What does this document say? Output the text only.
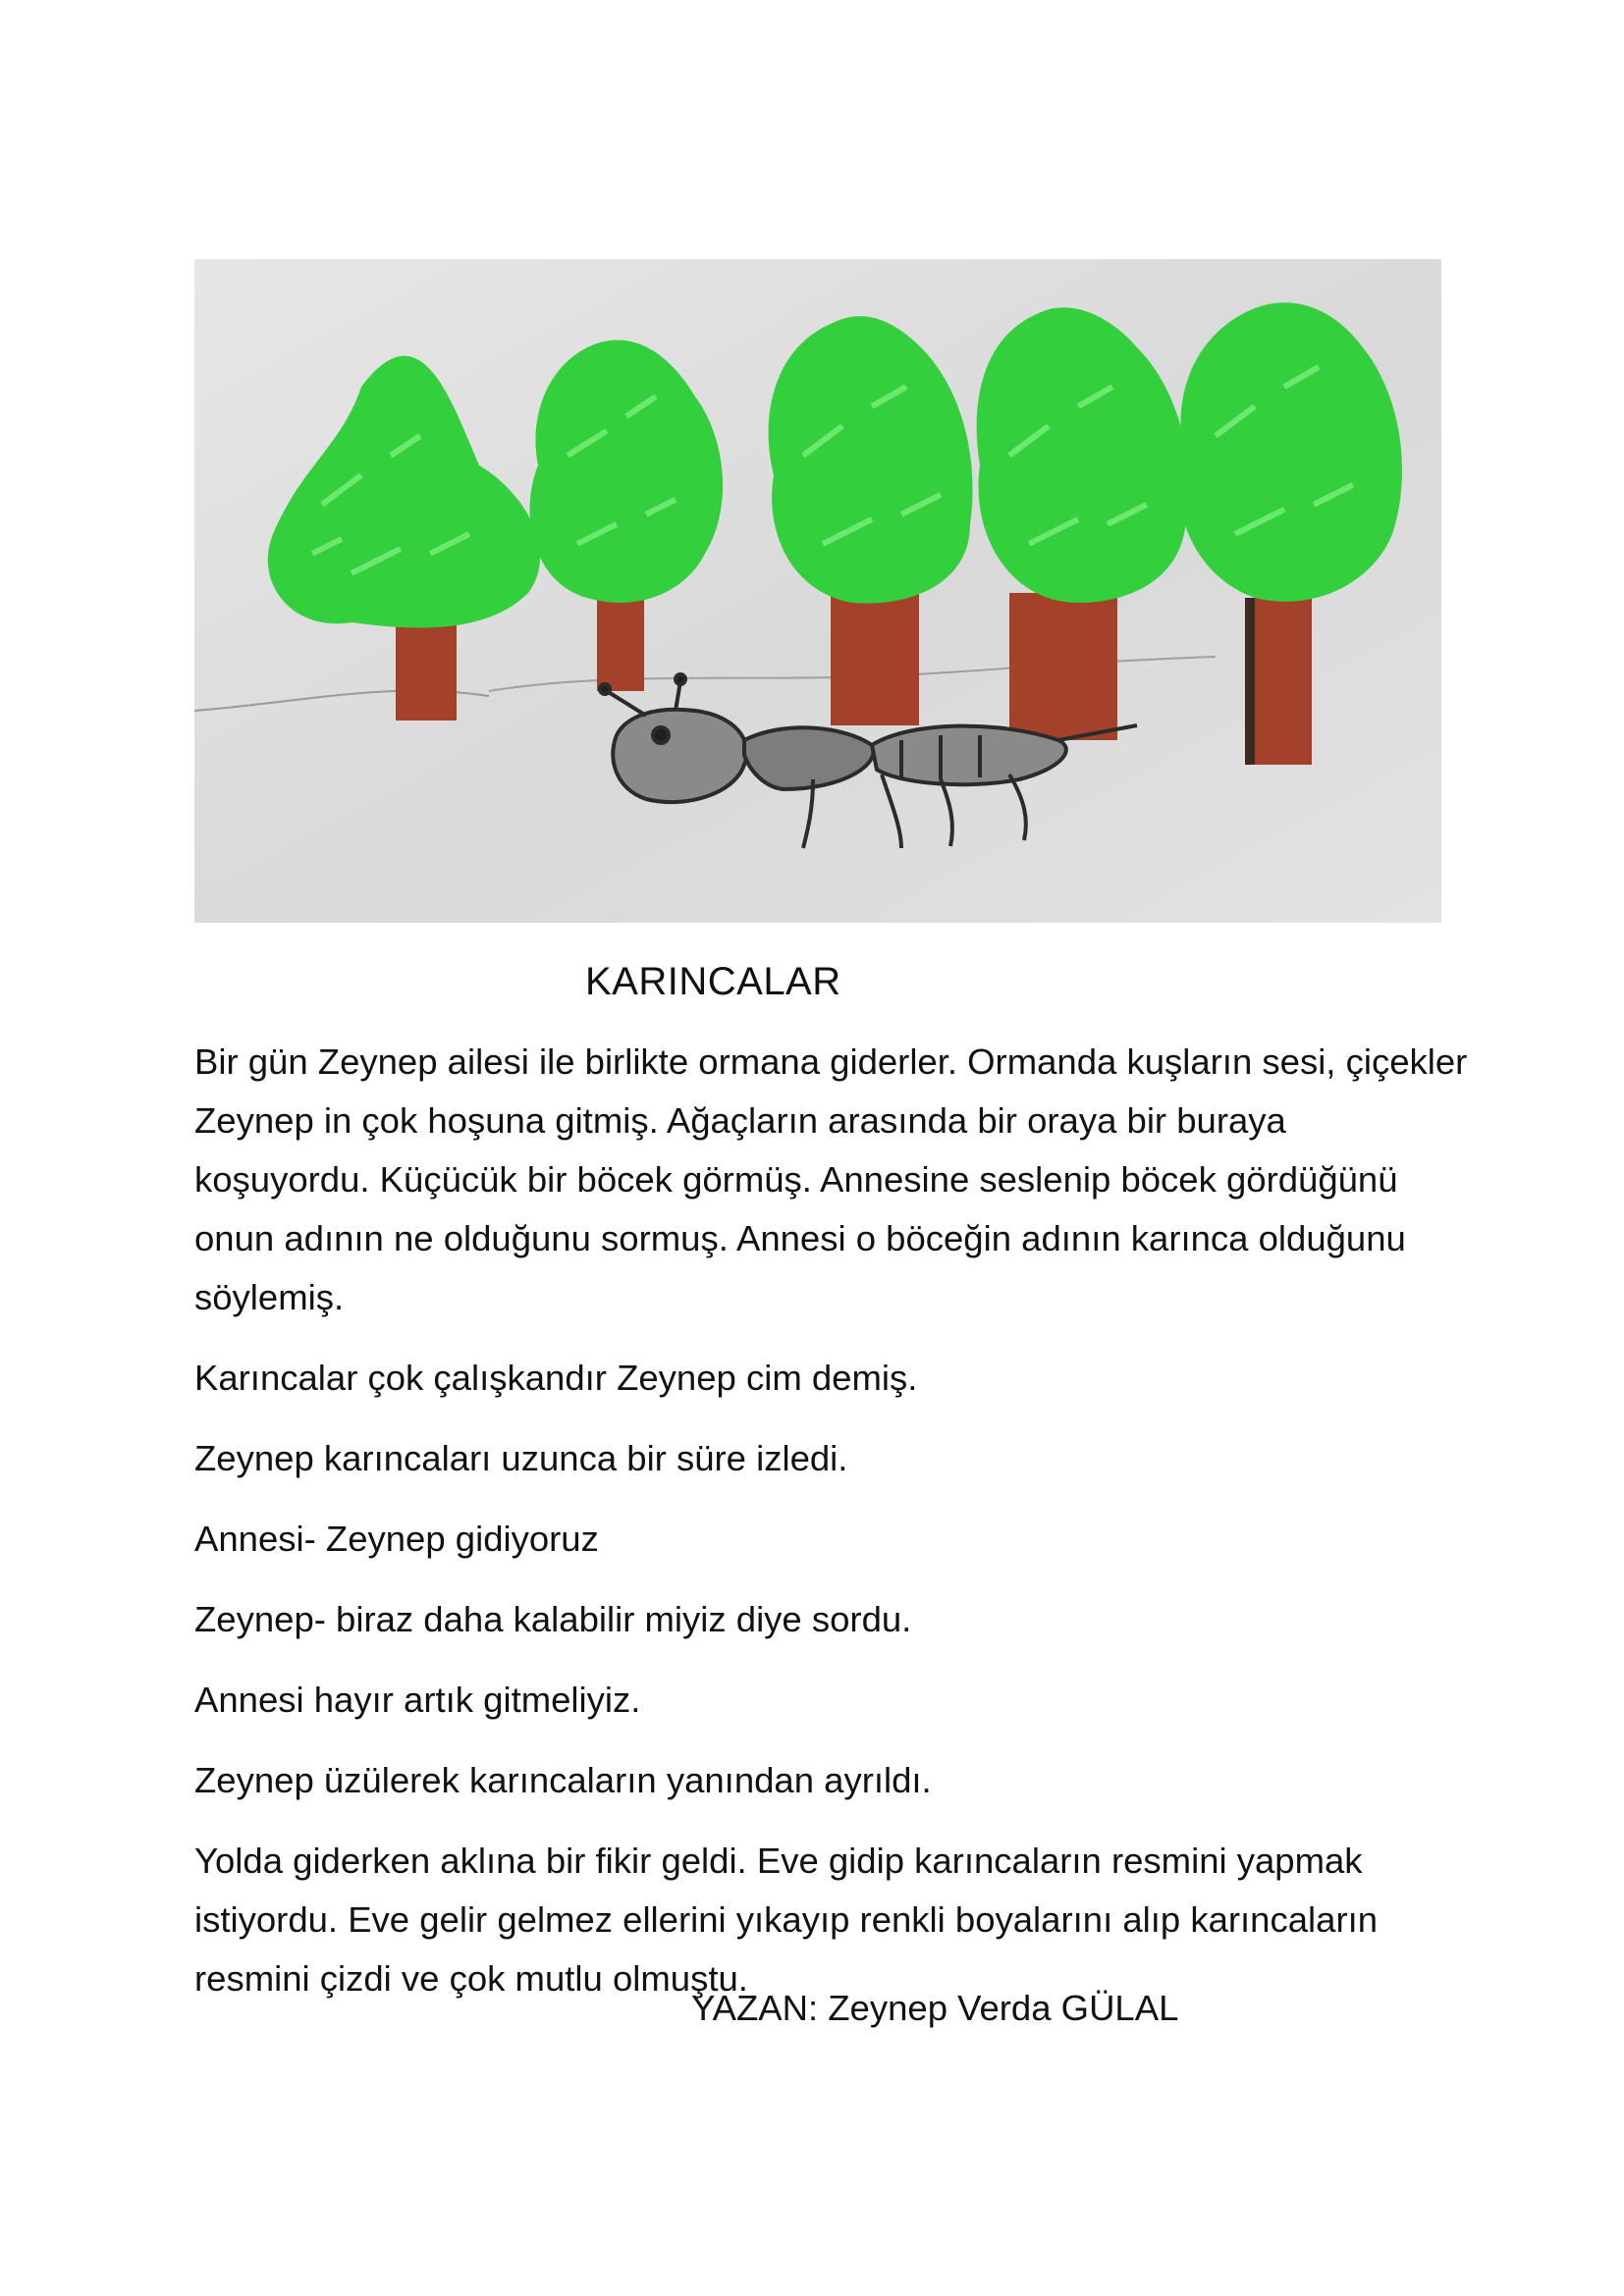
KARINCALAR

Bir gün Zeynep ailesi ile birlikte ormana giderler. Ormanda kuşların sesi, çiçekler Zeynep in çok hoşuna gitmiş. Ağaçların arasında bir oraya bir buraya koşuyordu. Küçücük bir böcek görmüş. Annesine seslenip böcek gördüğünü onun adının ne olduğunu sormuş. Annesi o böceğin adının karınca olduğunu söylemiş.

Karıncalar çok çalışkandır Zeynep cim demiş.

Zeynep karıncaları uzunca bir süre izledi.

Annesi- Zeynep gidiyoruz

Zeynep- biraz daha kalabilir miyiz diye sordu.

Annesi hayır artık gitmeliyiz.

Zeynep üzülerek karıncaların yanından ayrıldı.

Yolda giderken aklına bir fikir geldi. Eve gidip karıncaların resmini yapmak istiyordu. Eve gelir gelmez ellerini yıkayıp renkli boyalarını alıp karıncaların resmini çizdi ve çok mutlu olmuştu.

YAZAN: Zeynep Verda GÜLAL
